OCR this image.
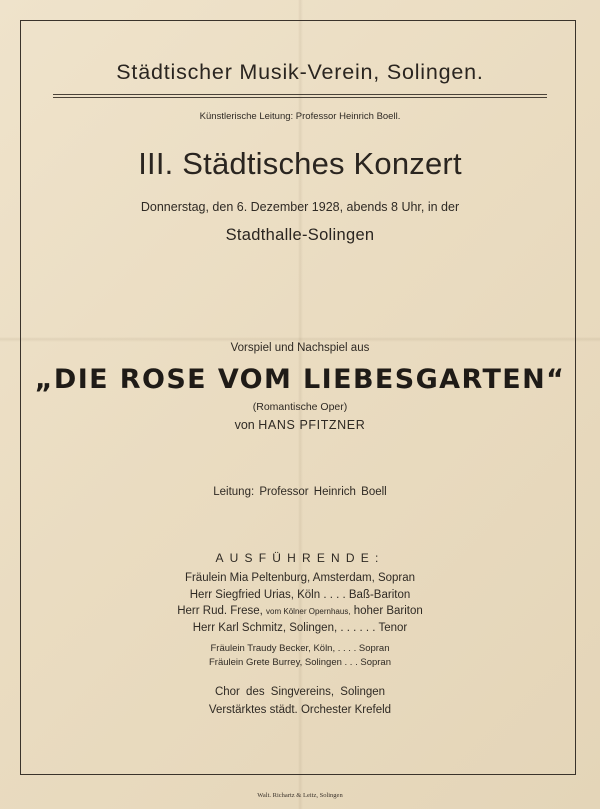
Städtischer Musik-Verein, Solingen.
Künstlerische Leitung: Professor Heinrich Boell.
III. Städtisches Konzert
Donnerstag, den 6. Dezember 1928, abends 8 Uhr, in der
Stadthalle-Solingen
Vorspiel und Nachspiel aus
„DIE ROSE VOM LIEBESGARTEN“
(Romantische Oper)
von HANS PFITZNER
Leitung: Professor Heinrich Boell
AUSFÜHRENDE:
Fräulein Mia Peltenburg, Amsterdam, Sopran
Herr Siegfried Urias, Köln . . . . Baß-Bariton
Herr Rud. Frese, vom Kölner Opernhaus, hoher Bariton
Herr Karl Schmitz, Solingen, . . . . . . Tenor
Fräulein Traudy Becker, Köln, . . . . Sopran
Fräulein Grete Burrey, Solingen . . . Sopran
Chor des Singvereins, Solingen
Verstärktes städt. Orchester Krefeld
Walt. Richartz & Leitz, Solingen
